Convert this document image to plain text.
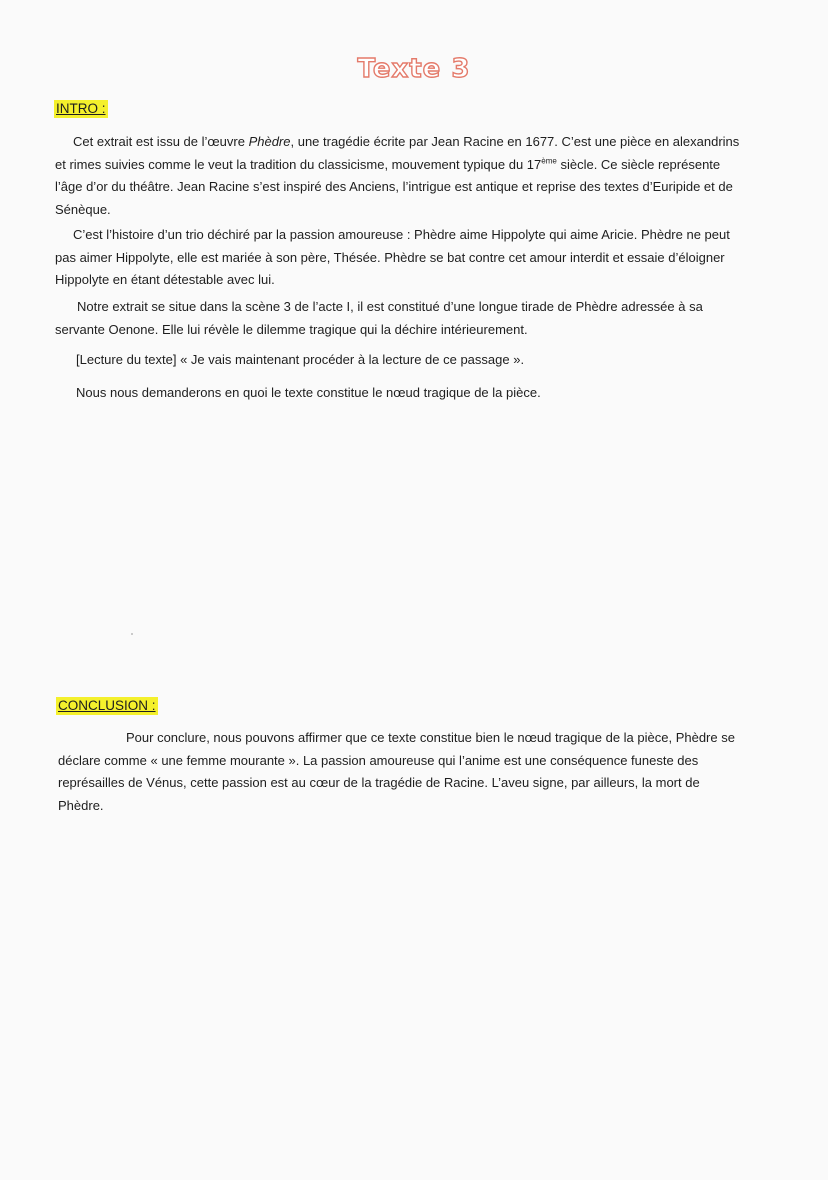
Texte 3
INTRO :
Cet extrait est issu de l’œuvre Phèdre, une tragédie écrite par Jean Racine en 1677. C’est une pièce en alexandrins et rimes suivies comme le veut la tradition du classicisme, mouvement typique du 17ème siècle. Ce siècle représente l’âge d’or du théâtre. Jean Racine s’est inspiré des Anciens, l’intrigue est antique et reprise des textes d’Euripide et de Sénèque.
C’est l’histoire d’un trio déchiré par la passion amoureuse : Phèdre aime Hippolyte qui aime Aricie. Phèdre ne peut pas aimer Hippolyte, elle est mariée à son père, Thésée. Phèdre se bat contre cet amour interdit et essaie d’éloigner Hippolyte en étant détestable avec lui.
Notre extrait se situe dans la scène 3 de l’acte I, il est constitué d’une longue tirade de Phèdre adressée à sa servante Oenone. Elle lui révèle le dilemme tragique qui la déchire intérieurement.
[Lecture du texte] « Je vais maintenant procéder à la lecture de ce passage ».
Nous nous demanderons en quoi le texte constitue le nœud tragique de la pièce.
CONCLUSION :
Pour conclure, nous pouvons affirmer que ce texte constitue bien le nœud tragique de la pièce, Phèdre se déclare comme « une femme mourante ». La passion amoureuse qui l’anime est une conséquence funeste des représailles de Vénus, cette passion est au cœur de la tragédie de Racine. L’aveu signe, par ailleurs, la mort de Phèdre.
